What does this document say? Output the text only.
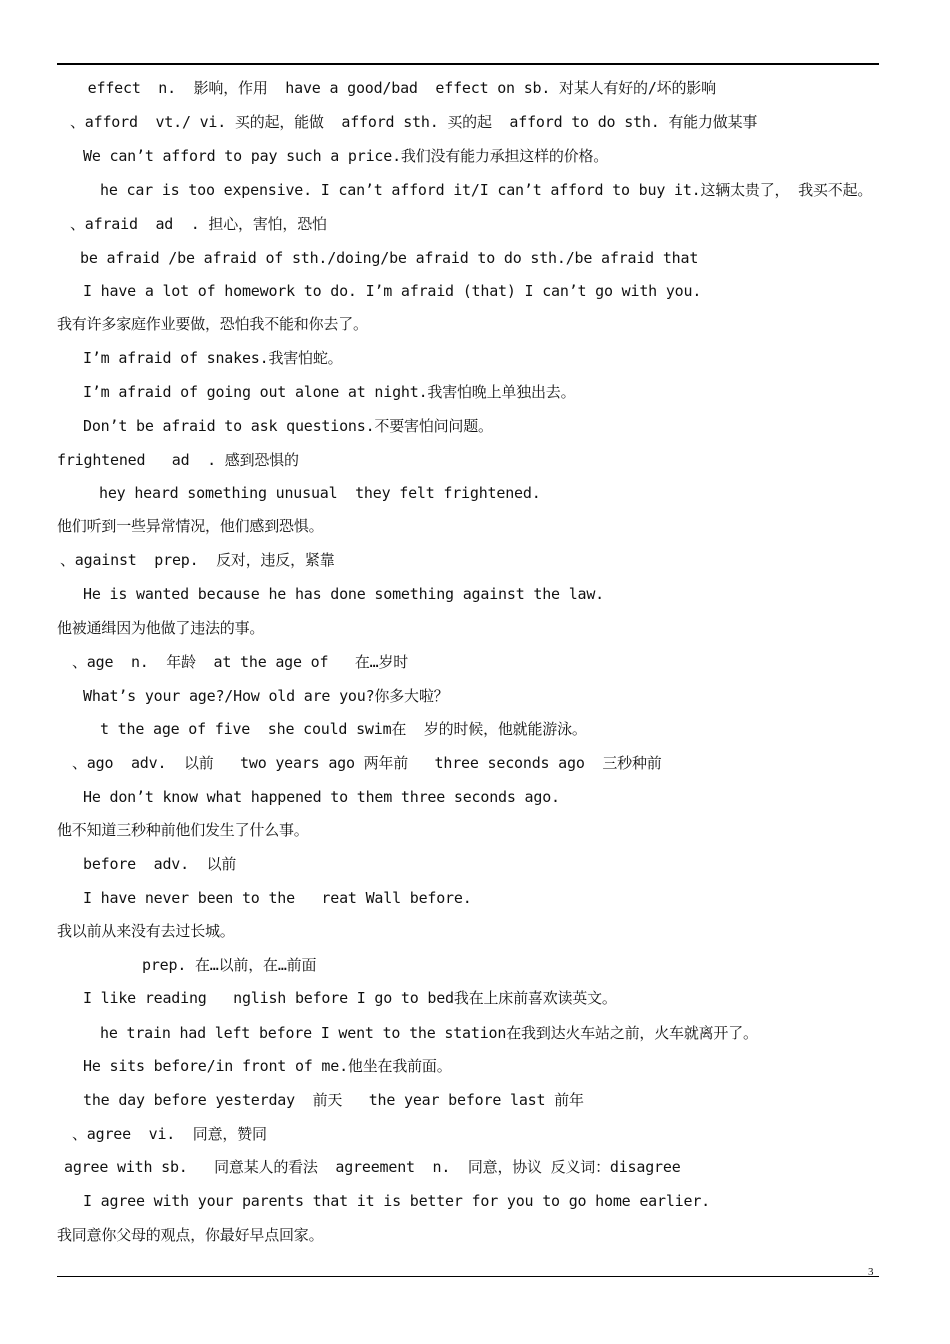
effect  n.  影响，作用  have a good/bad  effect on sb. 对某人有好的/坏的影响
、afford  vt./ vi. 买的起，能做  afford sth. 买的起  afford to do sth. 有能力做某事
We can’t afford to pay such a price.我们没有能力承担这样的价格。
he car is too expensive. I can’t afford it/I can’t afford to buy it.这辆太贵了， 我买不起。
、afraid  ad  . 担心，害怕，恐怕
be afraid /be afraid of sth./doing/be afraid to do sth./be afraid that
I have a lot of homework to do. I’m afraid (that) I can’t go with you.
我有许多家庭作业要做，恐怕我不能和你去了。
I’m afraid of snakes.我害怕蛇。
I’m afraid of going out alone at night.我害怕晚上单独出去。
Don’t be afraid to ask questions.不要害怕问问题。
frightened   ad  . 感到恐惧的
hey heard something unusual  they felt frightened.
他们听到一些异常情况，他们感到恐惧。
、against  prep.  反对，违反，紧靠
He is wanted because he has done something against the law.
他被通缉因为他做了违法的事。
、age  n.  年龄  at the age of   在…岁时
What’s your age?/How old are you?你多大啦？
t the age of five  she could swim在  岁的时候，他就能游泳。
、ago  adv.  以前   two years ago 两年前   three seconds ago  三秒种前
He don’t know what happened to them three seconds ago.
他不知道三秒种前他们发生了什么事。
before  adv.  以前
I have never been to the   reat Wall before.
我以前从来没有去过长城。
prep. 在…以前，在…前面
I like reading   nglish before I go to bed我在上床前喜欢读英文。
he train had left before I went to the station在我到达火车站之前，火车就离开了。
He sits before/in front of me.他坐在我前面。
the day before yesterday  前天   the year before last 前年
、agree  vi.  同意，赞同
agree with sb.   同意某人的看法  agreement  n.  同意，协议 反义词：disagree
I agree with your parents that it is better for you to go home earlier.
我同意你父母的观点，你最好早点回家。
3
